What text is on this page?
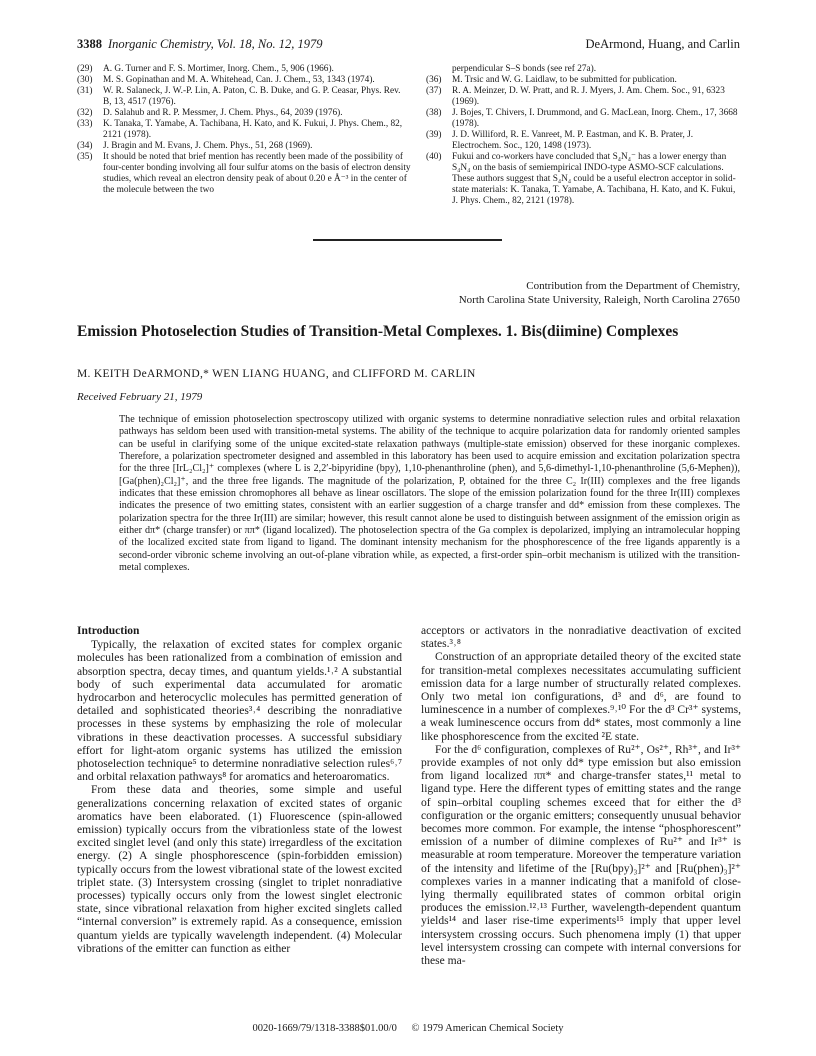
3388 Inorganic Chemistry, Vol. 18, No. 12, 1979	DeArmond, Huang, and Carlin
(29) A. G. Turner and F. S. Mortimer, Inorg. Chem., 5, 906 (1966).
(30) M. S. Gopinathan and M. A. Whitehead, Can. J. Chem., 53, 1343 (1974).
(31) W. R. Salaneck, J. W.-P. Lin, A. Paton, C. B. Duke, and G. P. Ceasar, Phys. Rev. B, 13, 4517 (1976).
(32) D. Salahub and R. P. Messmer, J. Chem. Phys., 64, 2039 (1976).
(33) K. Tanaka, T. Yamabe, A. Tachibana, H. Kato, and K. Fukui, J. Phys. Chem., 82, 2121 (1978).
(34) J. Bragin and M. Evans, J. Chem. Phys., 51, 268 (1969).
(35) It should be noted that brief mention has recently been made of the possibility of four-center bonding involving all four sulfur atoms on the basis of electron density studies, which reveal an electron density peak of about 0.20 e Å⁻³ in the center of the molecule between the two
perpendicular S–S bonds (see ref 27a).
(36) M. Trsic and W. G. Laidlaw, to be submitted for publication.
(37) R. A. Meinzer, D. W. Pratt, and R. J. Myers, J. Am. Chem. Soc., 91, 6323 (1969).
(38) J. Bojes, T. Chivers, I. Drummond, and G. MacLean, Inorg. Chem., 17, 3668 (1978).
(39) J. D. Williford, R. E. Vanreet, M. P. Eastman, and K. B. Prater, J. Electrochem. Soc., 120, 1498 (1973).
(40) Fukui and co-workers have concluded that S₄N₄⁻ has a lower energy than S₄N₄ on the basis of semiempirical INDO-type ASMO-SCF calculations. These authors suggest that S₄N₄ could be a useful electron acceptor in solid-state materials: K. Tanaka, T. Yamabe, A. Tachibana, H. Kato, and K. Fukui, J. Phys. Chem., 82, 2121 (1978).
Contribution from the Department of Chemistry,
North Carolina State University, Raleigh, North Carolina 27650
Emission Photoselection Studies of Transition-Metal Complexes. 1. Bis(diimine) Complexes
M. KEITH DeARMOND,* WEN LIANG HUANG, and CLIFFORD M. CARLIN
Received February 21, 1979
The technique of emission photoselection spectroscopy utilized with organic systems to determine nonradiative selection rules and orbital relaxation pathways has seldom been used with transition-metal systems. The ability of the technique to acquire polarization data for randomly oriented samples can be useful in clarifying some of the unique excited-state relaxation pathways (multiple-state emission) observed for these inorganic complexes. Therefore, a polarization spectrometer designed and assembled in this laboratory has been used to acquire emission and excitation polarization spectra for the three [IrL₂Cl₂]⁺ complexes (where L is 2,2′-bipyridine (bpy), 1,10-phenanthroline (phen), and 5,6-dimethyl-1,10-phenanthroline (5,6-Mephen)), [Ga(phen)₂Cl₂]⁺, and the three free ligands. The magnitude of the polarization, P, obtained for the three C₂ Ir(III) complexes and the free ligands indicates that these emission chromophores all behave as linear oscillators. The slope of the emission polarization found for the three Ir(III) complexes indicates the presence of two emitting states, consistent with an earlier suggestion of a charge transfer and dd* emission from these complexes. The polarization spectra for the three Ir(III) are similar; however, this result cannot alone be used to distinguish between assignment of the emission origin as either dπ* (charge transfer) or ππ* (ligand localized). The photoselection spectra of the Ga complex is depolarized, implying an intramolecular hopping of the localized excited state from ligand to ligand. The dominant intensity mechanism for the phosphorescence of the free ligands apparently is a second-order vibronic scheme involving an out-of-plane vibration while, as expected, a first-order spin–orbit mechanism is utilized with the transition-metal complexes.
Introduction

Typically, the relaxation of excited states for complex organic molecules has been rationalized from a combination of emission and absorption spectra, decay times, and quantum yields.¹˒² A substantial body of such experimental data accumulated for aromatic hydrocarbon and heterocyclic molecules has permitted generation of detailed and sophisticated theories³˒⁴ describing the nonradiative processes in these systems by emphasizing the role of molecular vibrations in these deactivation processes. A successful subsidiary effort for light-atom organic systems has utilized the emission photoselection technique⁵ to determine nonradiative selection rules⁶˒⁷ and orbital relaxation pathways⁸ for aromatics and heteroaromatics.

From these data and theories, some simple and useful generalizations concerning relaxation of excited states of organic aromatics have been elaborated. (1) Fluorescence (spin-allowed emission) typically occurs from the vibrationless state of the lowest excited singlet level (and only this state) irregardless of the excitation energy. (2) A single phosphorescence (spin-forbidden emission) typically occurs from the lowest vibrational state of the lowest excited triplet state. (3) Intersystem crossing (singlet to triplet nonradiative processes) typically occurs only from the lowest singlet electronic state, since vibrational relaxation from higher excited singlets called “internal conversion” is extremely rapid. As a consequence, emission quantum yields are typically wavelength independent. (4) Molecular vibrations of the emitter can function as either

acceptors or activators in the nonradiative deactivation of excited states.³˒⁸

Construction of an appropriate detailed theory of the excited state for transition-metal complexes necessitates accumulating sufficient emission data for a large number of structurally related complexes. Only two metal ion configurations, d³ and d⁶, are found to luminescence in a number of complexes.⁹˒¹⁰ For the d³ Cr³⁺ systems, a weak luminescence occurs from dd* states, most commonly a line like phosphorescence from the excited ²E state.

For the d⁶ configuration, complexes of Ru²⁺, Os²⁺, Rh³⁺, and Ir³⁺ provide examples of not only dd* type emission but also emission from ligand localized ππ* and charge-transfer states,¹¹ metal to ligand type. Here the different types of emitting states and the range of spin–orbital coupling schemes exceed that for either the d³ configuration or the organic emitters; consequently unusual behavior becomes more common. For example, the intense “phosphorescent” emission of a number of diimine complexes of Ru²⁺ and Ir³⁺ is measurable at room temperature. Moreover the temperature variation of the intensity and lifetime of the [Ru(bpy)₃]²⁺ and [Ru(phen)₃]²⁺ complexes varies in a manner indicating that a manifold of close-lying thermally equilibrated states of common orbital origin produces the emission.¹²˒¹³ Further, wavelength-dependent quantum yields¹⁴ and laser rise-time experiments¹⁵ imply that upper level intersystem crossing occurs. Such phenomena imply (1) that upper level intersystem crossing can compete with internal conversions for these ma-

0020-1669/79/1318-3388$01.00/0 © 1979 American Chemical Society
